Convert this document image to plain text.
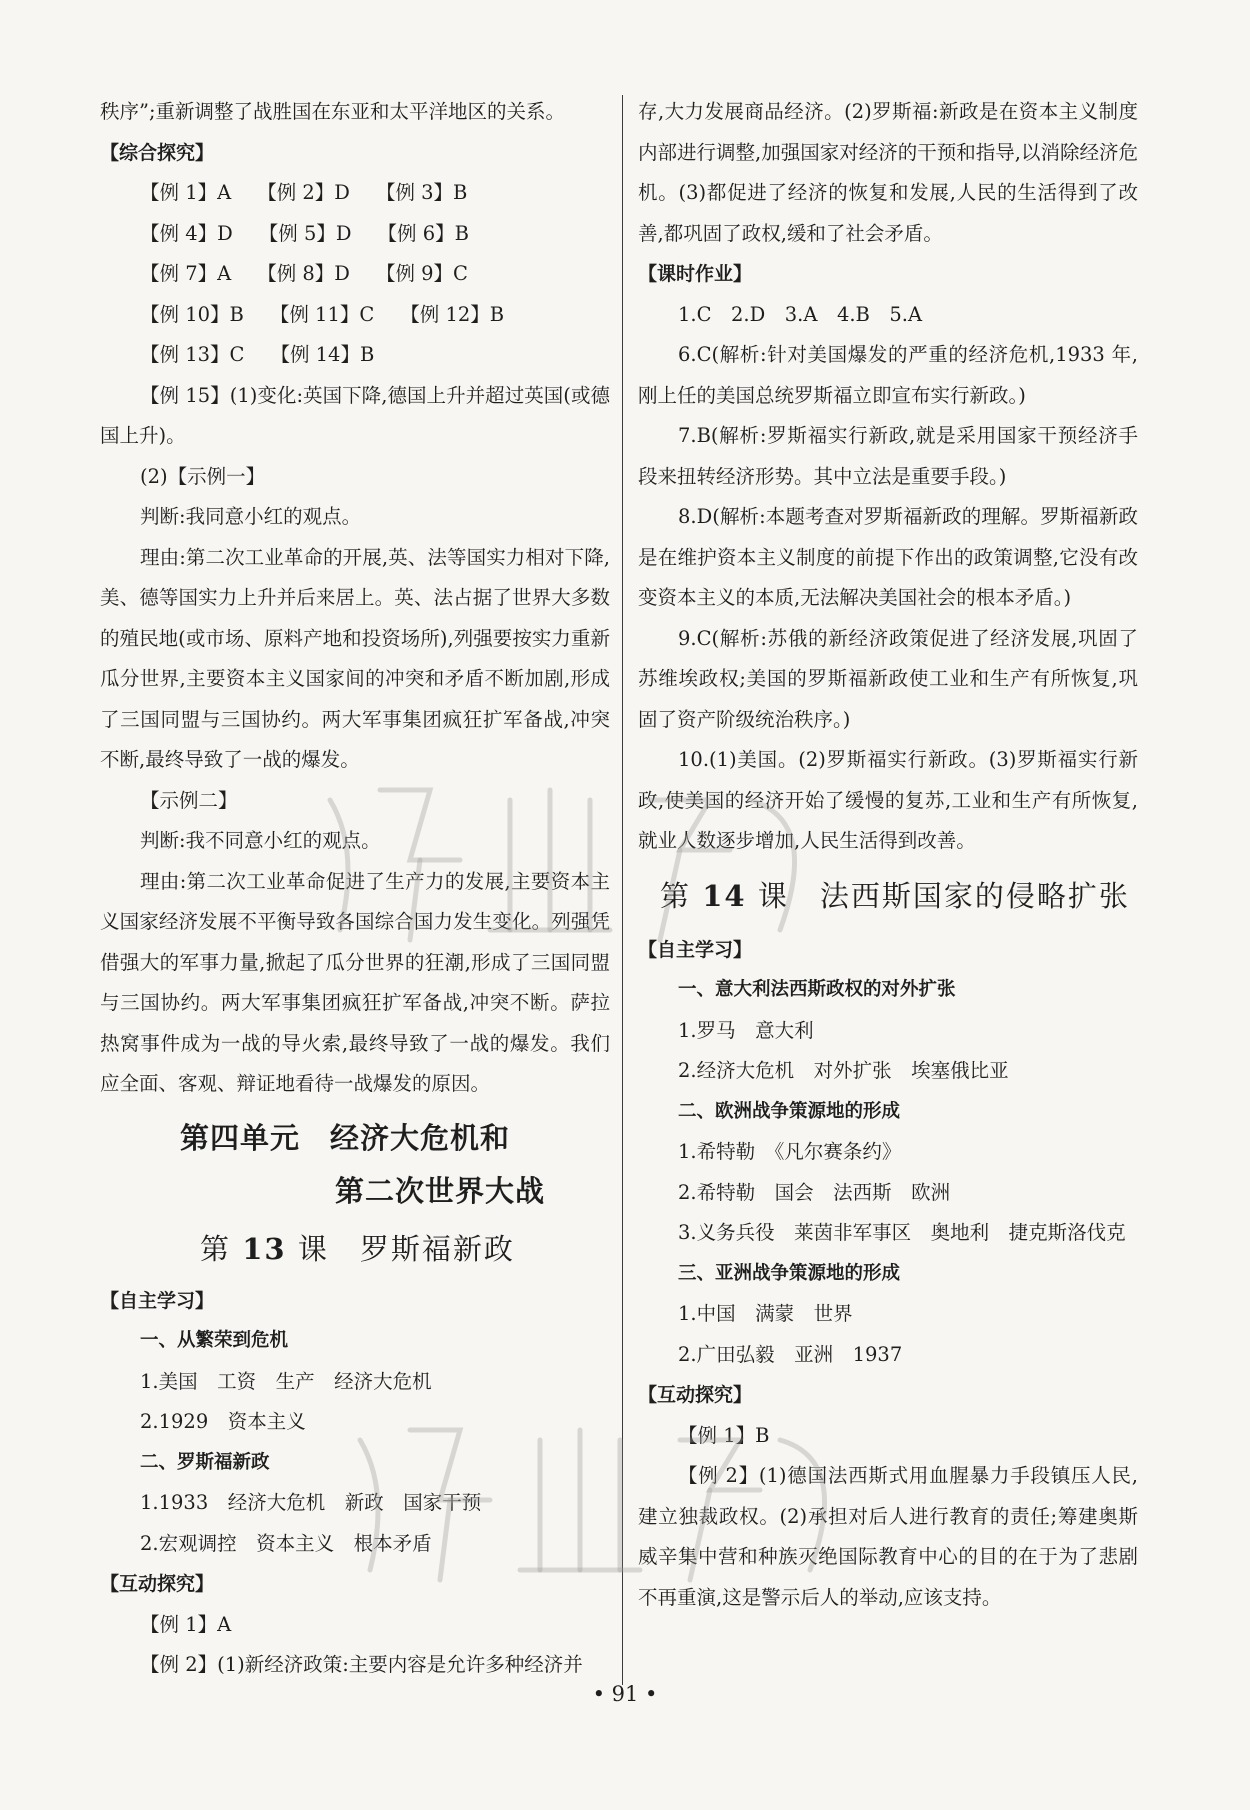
秩序”;重新调整了战胜国在东亚和太平洋地区的关系。

【综合探究】

【例 1】A 【例 2】D 【例 3】B

【例 4】D 【例 5】D 【例 6】B

【例 7】A 【例 8】D 【例 9】C

【例 10】B 【例 11】C 【例 12】B

【例 13】C 【例 14】B

【例 15】(1)变化:英国下降,德国上升并超过英国(或德国上升)。

(2)【示例一】

判断:我同意小红的观点。

理由:第二次工业革命的开展,英、法等国实力相对下降,美、德等国实力上升并后来居上。英、法占据了世界大多数的殖民地(或市场、原料产地和投资场所),列强要按实力重新瓜分世界,主要资本主义国家间的冲突和矛盾不断加剧,形成了三国同盟与三国协约。两大军事集团疯狂扩军备战,冲突不断,最终导致了一战的爆发。

【示例二】

判断:我不同意小红的观点。

理由:第二次工业革命促进了生产力的发展,主要资本主义国家经济发展不平衡导致各国综合国力发生变化。列强凭借强大的军事力量,掀起了瓜分世界的狂潮,形成了三国同盟与三国协约。两大军事集团疯狂扩军备战,冲突不断。萨拉热窝事件成为一战的导火索,最终导致了一战的爆发。我们应全面、客观、辩证地看待一战爆发的原因。

第四单元　经济大危机和

第二次世界大战

第 13 课　罗斯福新政

【自主学习】

一、从繁荣到危机

1.美国　工资　生产　经济大危机

2.1929　资本主义

二、罗斯福新政

1.1933　经济大危机　新政　国家干预

2.宏观调控　资本主义　根本矛盾

【互动探究】

【例 1】A

【例 2】(1)新经济政策:主要内容是允许多种经济并

存,大力发展商品经济。(2)罗斯福:新政是在资本主义制度内部进行调整,加强国家对经济的干预和指导,以消除经济危机。(3)都促进了经济的恢复和发展,人民的生活得到了改善,都巩固了政权,缓和了社会矛盾。

【课时作业】

1.C　2.D　3.A　4.B　5.A

6.C(解析:针对美国爆发的严重的经济危机,1933 年,刚上任的美国总统罗斯福立即宣布实行新政。)

7.B(解析:罗斯福实行新政,就是采用国家干预经济手段来扭转经济形势。其中立法是重要手段。)

8.D(解析:本题考查对罗斯福新政的理解。罗斯福新政是在维护资本主义制度的前提下作出的政策调整,它没有改变资本主义的本质,无法解决美国社会的根本矛盾。)

9.C(解析:苏俄的新经济政策促进了经济发展,巩固了苏维埃政权;美国的罗斯福新政使工业和生产有所恢复,巩固了资产阶级统治秩序。)

10.(1)美国。(2)罗斯福实行新政。(3)罗斯福实行新政,使美国的经济开始了缓慢的复苏,工业和生产有所恢复,就业人数逐步增加,人民生活得到改善。

第 14 课　法西斯国家的侵略扩张

【自主学习】

一、意大利法西斯政权的对外扩张

1.罗马　意大利

2.经济大危机　对外扩张　埃塞俄比亚

二、欧洲战争策源地的形成

1.希特勒　《凡尔赛条约》

2.希特勒　国会　法西斯　欧洲

3.义务兵役　莱茵非军事区　奥地利　捷克斯洛伐克

三、亚洲战争策源地的形成

1.中国　满蒙　世界

2.广田弘毅　亚洲　1937

【互动探究】

【例 1】B

【例 2】(1)德国法西斯式用血腥暴力手段镇压人民,建立独裁政权。(2)承担对后人进行教育的责任;筹建奥斯威辛集中营和种族灭绝国际教育中心的目的在于为了悲剧不再重演,这是警示后人的举动,应该支持。

• 91 •
